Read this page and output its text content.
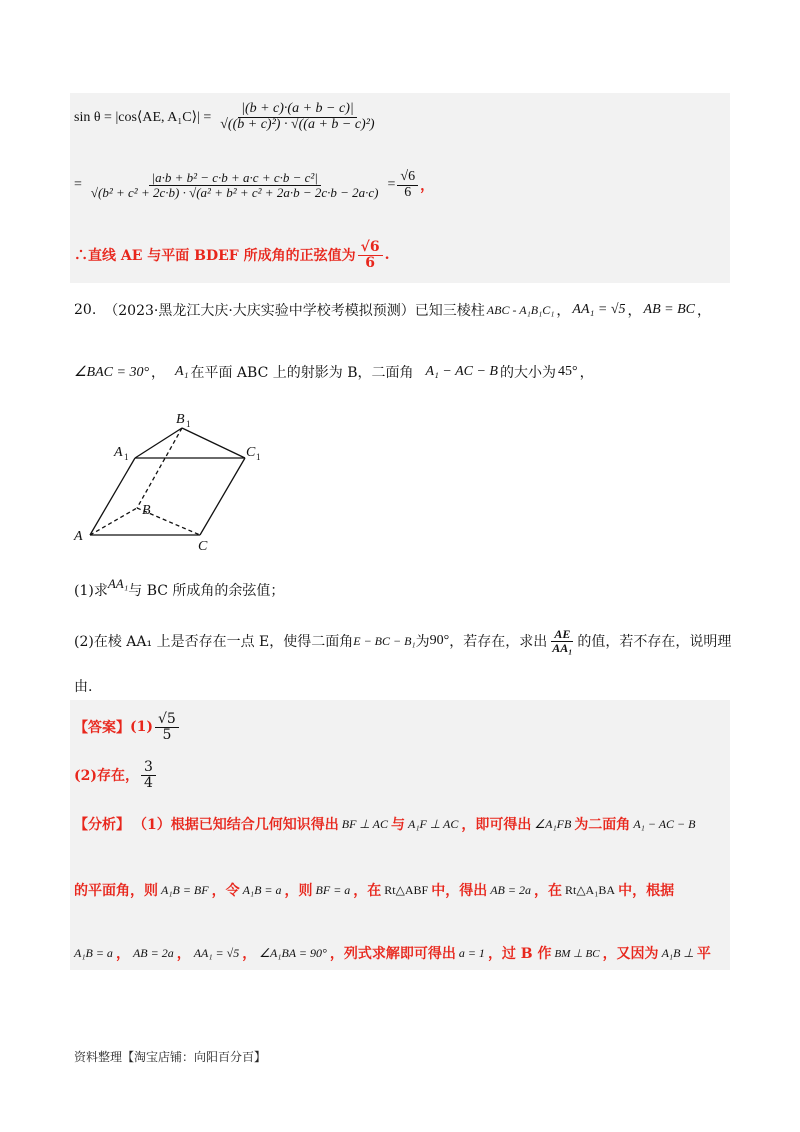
sin θ = |cos⟨AE, A₁C⟩| = $\frac{|(b + c)\cdot(a + b - c)|}{\text{√((b + c)²) · √((a + b − c)²)}}$
= $\frac{\text{|a·b + b² − c·b + a·c + c·b − c²|}}{\text{√(b² + c² + 2c·b) · √(a² + b² + c² + 2a·b − 2c·b − 2a·c)}} = \frac{√6}{6}$ ，
∴直线 AE 与平面 BDEF 所成角的正弦值为 $\frac{√6}{6}$ .
20. （2023·黑龙江大庆·大庆实验中学校考模拟预测）已知三棱柱 ABC - A₁B₁C₁ ， AA₁ = √5 ， AB = BC ，
∠BAC = 30° ， A₁ 在平面 ABC 上的射影为 B，二面角 A₁ − AC − B 的大小为 45° ，
A
B
C
A 1
B 1
C 1
(1)求 AA₁ 与 BC 所成角的余弦值；
(2)在棱 AA₁ 上是否存在一点 E，使得二面角 E − BC − B₁ 为 90° ，若存在，求出 $\frac{AE}{\text{AA₁}}$ 的值，若不存在，说明理
由.
【答案】 $(1) \frac{√5}{5}$
(2)存在， $\frac{3}{4}$
【分析】 （1）根据已知结合几何知识得出 BF ⊥ AC 与 A₁F ⊥ AC ，即可得出 ∠A₁FB 为二面角 A₁ − AC − B
的平面角，则 A₁B = BF ，令 A₁B = a ，则 BF = a ，在 Rt△ABF 中，得出 AB = 2a ，在 Rt△A₁BA 中，根据
A₁B = a ， AB = 2a ， AA₁ = √5 ， ∠A₁BA = 90° ，列式求解即可得出 a = 1 ，过 B 作 BM ⊥ BC ，又因为 A₁B ⊥ 平
资料整理【淘宝店铺：向阳百分百】
